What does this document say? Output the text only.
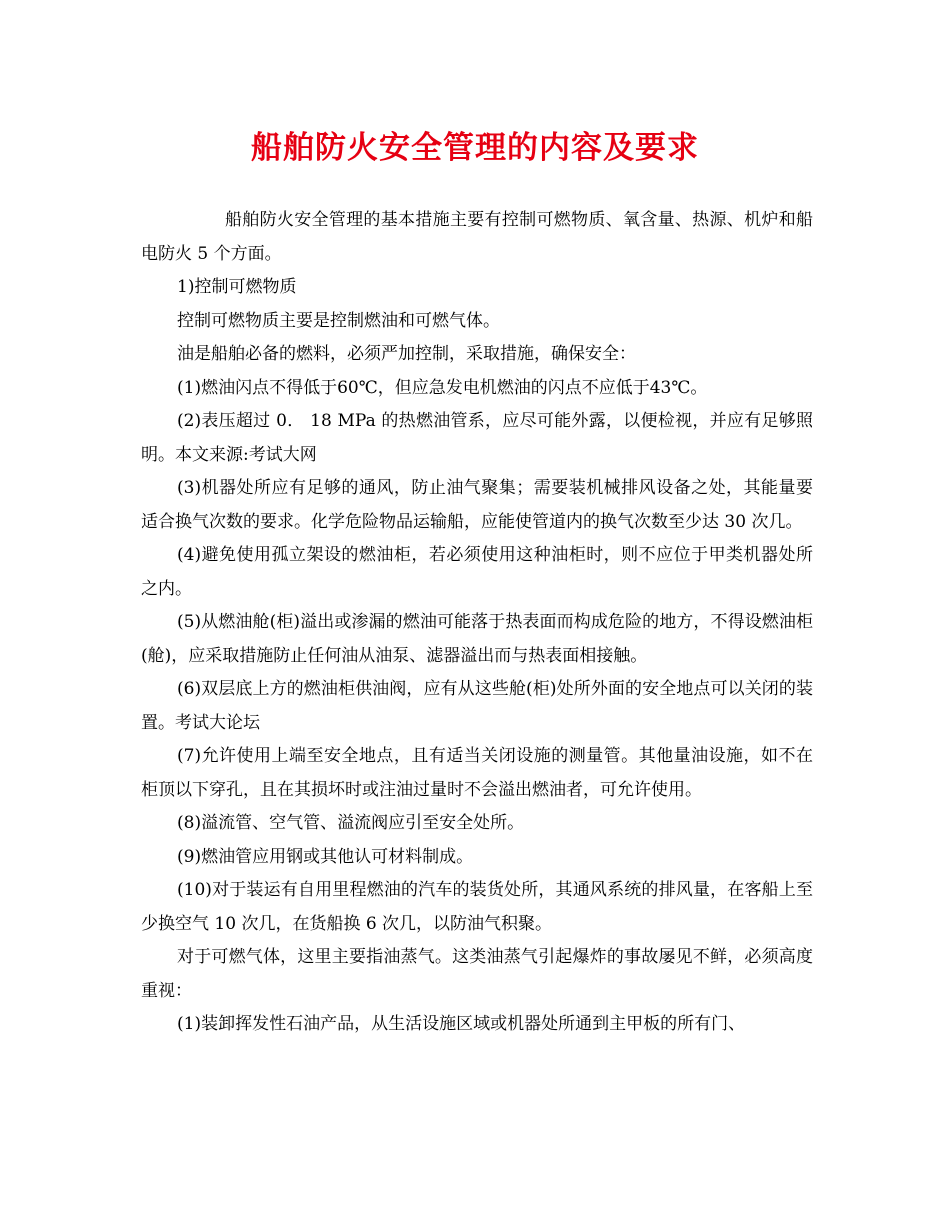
船舶防火安全管理的内容及要求

船舶防火安全管理的基本措施主要有控制可燃物质、氧含量、热源、机炉和船电防火 5 个方面。

1)控制可燃物质

控制可燃物质主要是控制燃油和可燃气体。

油是船舶必备的燃料，必须严加控制，采取措施，确保安全：

(1)燃油闪点不得低于60℃，但应急发电机燃油的闪点不应低于43℃。

(2)表压超过 0． 18 MPa 的热燃油管系，应尽可能外露，以便检视，并应有足够照明。本文来源:考试大网

(3)机器处所应有足够的通风，防止油气聚集；需要装机械排风设备之处，其能量要适合换气次数的要求。化学危险物品运输船，应能使管道内的换气次数至少达 30 次几。

(4)避免使用孤立架设的燃油柜，若必须使用这种油柜时，则不应位于甲类机器处所之内。

(5)从燃油舱(柜)溢出或渗漏的燃油可能落于热表面而构成危险的地方，不得设燃油柜(舱)，应采取措施防止任何油从油泵、滤器溢出而与热表面相接触。

(6)双层底上方的燃油柜供油阀，应有从这些舱(柜)处所外面的安全地点可以关闭的装置。考试大论坛

(7)允许使用上端至安全地点，且有适当关闭设施的测量管。其他量油设施，如不在柜顶以下穿孔，且在其损坏时或注油过量时不会溢出燃油者，可允许使用。

(8)溢流管、空气管、溢流阀应引至安全处所。

(9)燃油管应用钢或其他认可材料制成。

(10)对于装运有自用里程燃油的汽车的装货处所，其通风系统的排风量，在客船上至少换空气 10 次几，在货船换 6 次几，以防油气积聚。

对于可燃气体，这里主要指油蒸气。这类油蒸气引起爆炸的事故屡见不鲜，必须高度重视：

(1)装卸挥发性石油产品，从生活设施区域或机器处所通到主甲板的所有门、
